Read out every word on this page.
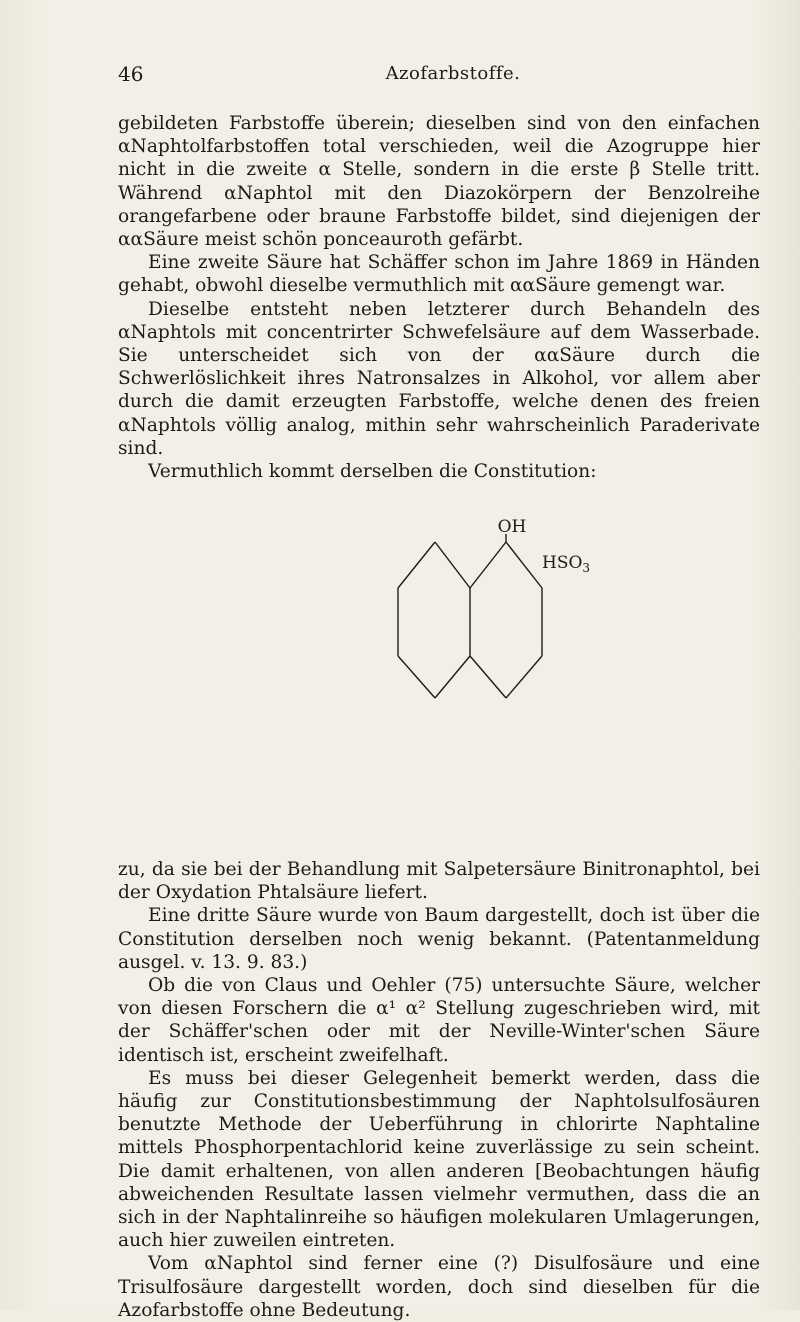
46	Azofarbstoffe.

gebildeten Farbstoffe überein; dieselben sind von den einfachen αNaphtolfarbstoffen total verschieden, weil die Azogruppe hier nicht in die zweite α Stelle, sondern in die erste β Stelle tritt. Während αNaphtol mit den Diazokörpern der Benzolreihe orangefarbene oder braune Farbstoffe bildet, sind diejenigen der ααSäure meist schön ponceauroth gefärbt.

Eine zweite Säure hat Schäffer schon im Jahre 1869 in Händen gehabt, obwohl dieselbe vermuthlich mit ααSäure gemengt war.

Dieselbe entsteht neben letzterer durch Behandeln des αNaphtols mit concentrirter Schwefelsäure auf dem Wasserbade. Sie unterscheidet sich von der ααSäure durch die Schwerlöslichkeit ihres Natronsalzes in Alkohol, vor allem aber durch die damit erzeugten Farbstoffe, welche denen des freien αNaphtols völlig analog, mithin sehr wahrscheinlich Paraderivate sind.

Vermuthlich kommt derselben die Constitution:

OH
$HSO_3$

zu, da sie bei der Behandlung mit Salpetersäure Binitronaphtol, bei der Oxydation Phtalsäure liefert.

Eine dritte Säure wurde von Baum dargestellt, doch ist über die Constitution derselben noch wenig bekannt. (Patentanmeldung ausgel. v. 13. 9. 83.)

Ob die von Claus und Oehler (75) untersuchte Säure, welcher von diesen Forschern die α¹ α² Stellung zugeschrieben wird, mit der Schäffer'schen oder mit der Neville-Winter'schen Säure identisch ist, erscheint zweifelhaft.

Es muss bei dieser Gelegenheit bemerkt werden, dass die häufig zur Constitutionsbestimmung der Naphtolsulfosäuren benutzte Methode der Ueberführung in chlorirte Naphtaline mittels Phosphorpentachlorid keine zuverlässige zu sein scheint. Die damit erhaltenen, von allen anderen [Beobachtungen häufig abweichenden Resultate lassen vielmehr vermuthen, dass die an sich in der Naphtalinreihe so häufigen molekularen Umlagerungen, auch hier zuweilen eintreten.

Vom αNaphtol sind ferner eine (?) Disulfosäure und eine Trisulfosäure dargestellt worden, doch sind dieselben für die Azofarbstoffe ohne Bedeutung.
